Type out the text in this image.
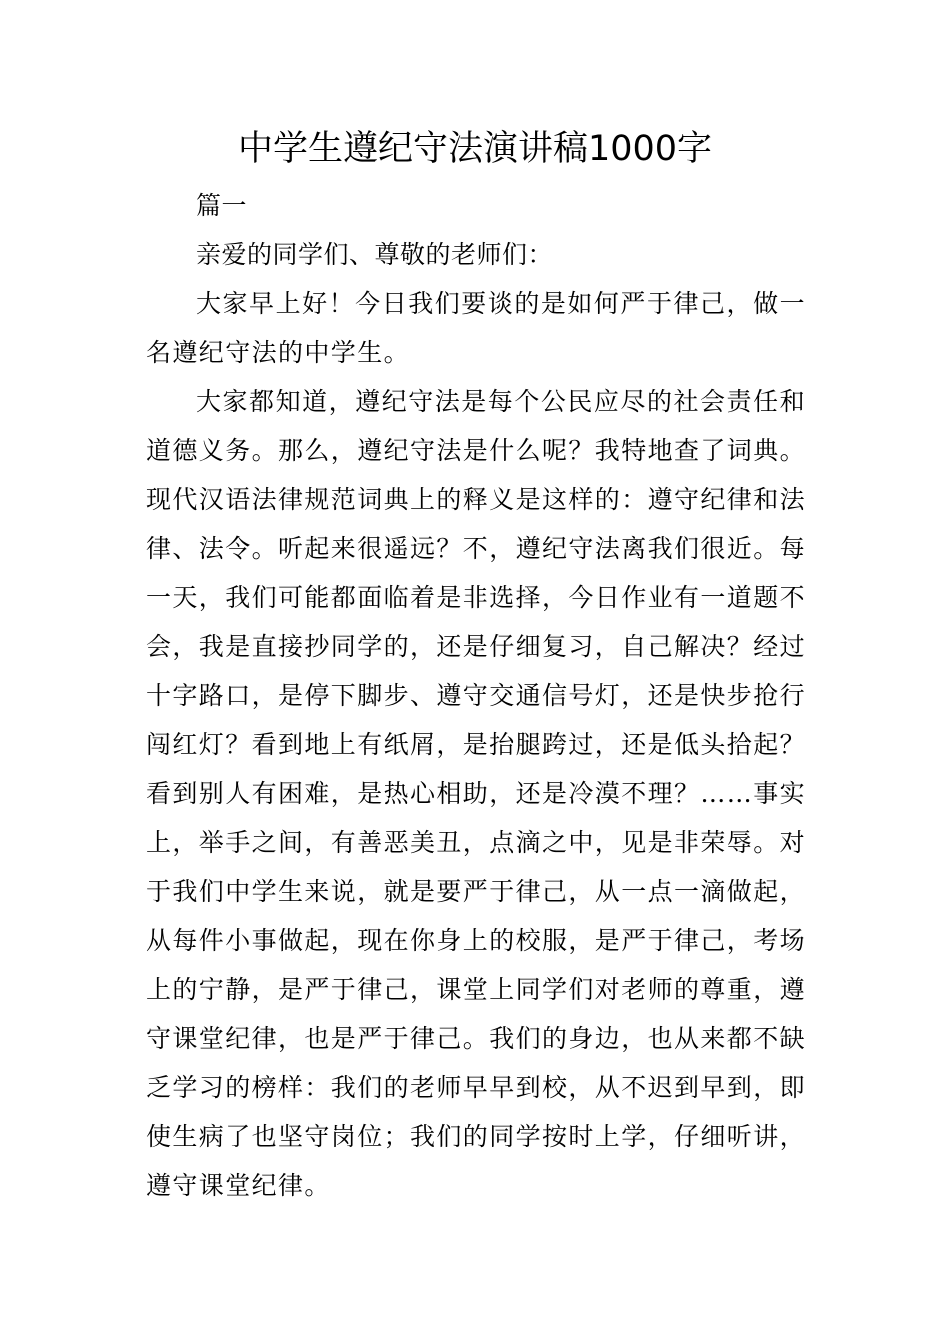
中学生遵纪守法演讲稿1000字

篇一

亲爱的同学们、尊敬的老师们：

大家早上好！今日我们要谈的是如何严于律己，做一名遵纪守法的中学生。

大家都知道，遵纪守法是每个公民应尽的社会责任和道德义务。那么，遵纪守法是什么呢？我特地查了词典。现代汉语法律规范词典上的释义是这样的：遵守纪律和法律、法令。听起来很遥远？不，遵纪守法离我们很近。每一天，我们可能都面临着是非选择，今日作业有一道题不会，我是直接抄同学的，还是仔细复习，自己解决？经过十字路口，是停下脚步、遵守交通信号灯，还是快步抢行闯红灯？看到地上有纸屑，是抬腿跨过，还是低头拾起？看到别人有困难，是热心相助，还是冷漠不理？……事实上，举手之间，有善恶美丑，点滴之中，见是非荣辱。对于我们中学生来说，就是要严于律己，从一点一滴做起，从每件小事做起，现在你身上的校服，是严于律己，考场上的宁静，是严于律己，课堂上同学们对老师的尊重，遵守课堂纪律，也是严于律己。我们的身边，也从来都不缺乏学习的榜样：我们的老师早早到校，从不迟到早到，即使生病了也坚守岗位；我们的同学按时上学，仔细听讲，遵守课堂纪律。
